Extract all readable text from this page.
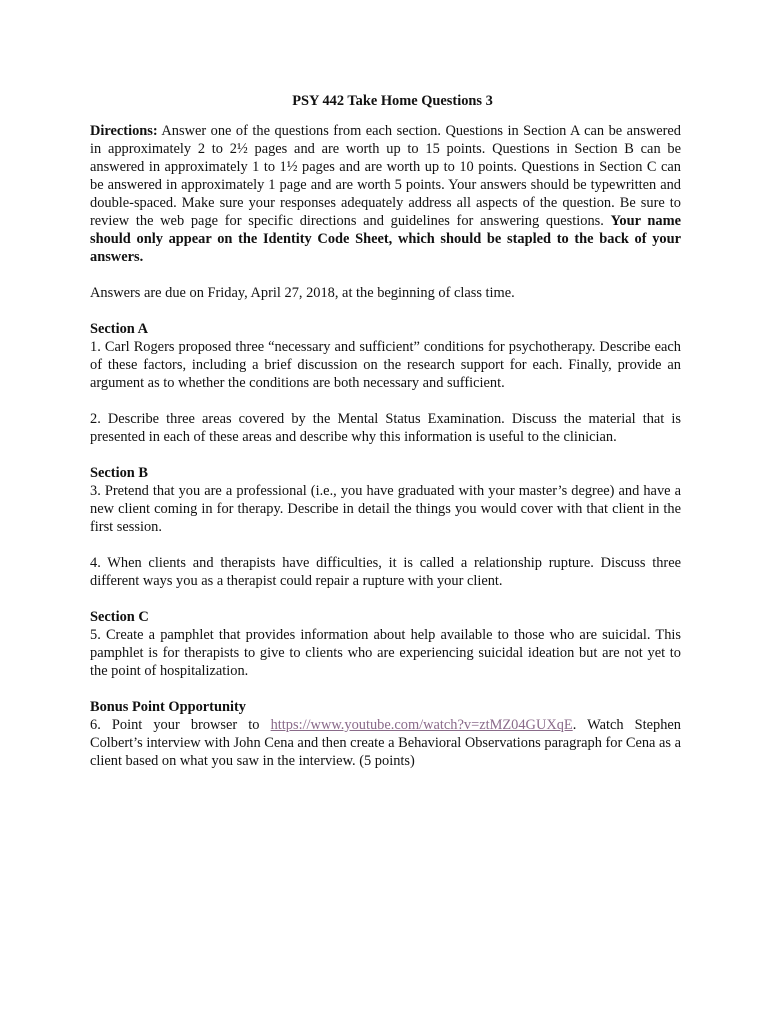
PSY 442 Take Home Questions 3

Directions: Answer one of the questions from each section. Questions in Section A can be answered in approximately 2 to 2½ pages and are worth up to 15 points. Questions in Section B can be answered in approximately 1 to 1½ pages and are worth up to 10 points. Questions in Section C can be answered in approximately 1 page and are worth 5 points. Your answers should be typewritten and double-spaced. Make sure your responses adequately address all aspects of the question. Be sure to review the web page for specific directions and guidelines for answering questions. Your name should only appear on the Identity Code Sheet, which should be stapled to the back of your answers.

Answers are due on Friday, April 27, 2018, at the beginning of class time.

Section A
1. Carl Rogers proposed three “necessary and sufficient” conditions for psychotherapy. Describe each of these factors, including a brief discussion on the research support for each. Finally, provide an argument as to whether the conditions are both necessary and sufficient.

2. Describe three areas covered by the Mental Status Examination. Discuss the material that is presented in each of these areas and describe why this information is useful to the clinician.

Section B
3. Pretend that you are a professional (i.e., you have graduated with your master’s degree) and have a new client coming in for therapy. Describe in detail the things you would cover with that client in the first session.

4. When clients and therapists have difficulties, it is called a relationship rupture. Discuss three different ways you as a therapist could repair a rupture with your client.

Section C
5. Create a pamphlet that provides information about help available to those who are suicidal. This pamphlet is for therapists to give to clients who are experiencing suicidal ideation but are not yet to the point of hospitalization.
Bonus Point Opportunity
6. Point your browser to https://www.youtube.com/watch?v=ztMZ04GUXqE. Watch Stephen Colbert’s interview with John Cena and then create a Behavioral Observations paragraph for Cena as a client based on what you saw in the interview. (5 points)
